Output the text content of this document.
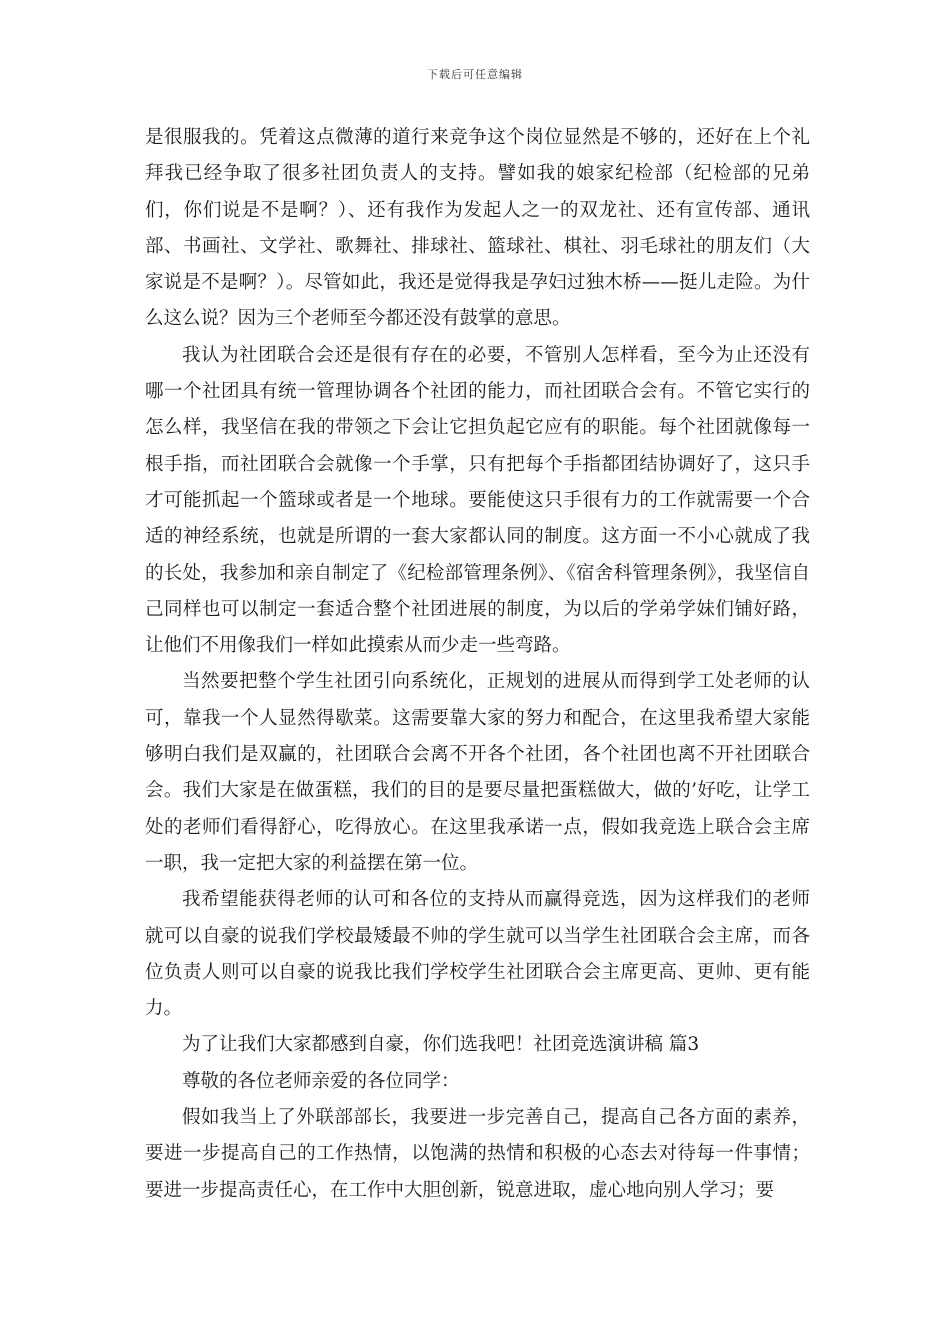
下载后可任意编辑

是很服我的。凭着这点微薄的道行来竞争这个岗位显然是不够的，还好在上个礼拜我已经争取了很多社团负责人的支持。譬如我的娘家纪检部（纪检部的兄弟们，你们说是不是啊？）、还有我作为发起人之一的双龙社、还有宣传部、通讯部、书画社、文学社、歌舞社、排球社、篮球社、棋社、羽毛球社的朋友们（大家说是不是啊？）。尽管如此，我还是觉得我是孕妇过独木桥——挺儿走险。为什么这么说？因为三个老师至今都还没有鼓掌的意思。

我认为社团联合会还是很有存在的必要，不管别人怎样看，至今为止还没有哪一个社团具有统一管理协调各个社团的能力，而社团联合会有。不管它实行的怎么样，我坚信在我的带领之下会让它担负起它应有的职能。每个社团就像每一根手指，而社团联合会就像一个手掌，只有把每个手指都团结协调好了，这只手才可能抓起一个篮球或者是一个地球。要能使这只手很有力的工作就需要一个合适的神经系统，也就是所谓的一套大家都认同的制度。这方面一不小心就成了我的长处，我参加和亲自制定了《纪检部管理条例》、《宿舍科管理条例》，我坚信自己同样也可以制定一套适合整个社团进展的制度，为以后的学弟学妹们铺好路，让他们不用像我们一样如此摸索从而少走一些弯路。

当然要把整个学生社团引向系统化，正规划的进展从而得到学工处老师的认可，靠我一个人显然得歇菜。这需要靠大家的努力和配合，在这里我希望大家能够明白我们是双赢的，社团联合会离不开各个社团，各个社团也离不开社团联合会。我们大家是在做蛋糕，我们的目的是要尽量把蛋糕做大，做的’好吃，让学工处的老师们看得舒心，吃得放心。在这里我承诺一点，假如我竞选上联合会主席一职，我一定把大家的利益摆在第一位。

我希望能获得老师的认可和各位的支持从而赢得竞选，因为这样我们的老师就可以自豪的说我们学校最矮最不帅的学生就可以当学生社团联合会主席，而各位负责人则可以自豪的说我比我们学校学生社团联合会主席更高、更帅、更有能力。

为了让我们大家都感到自豪，你们选我吧！社团竞选演讲稿 篇3

尊敬的各位老师亲爱的各位同学：

假如我当上了外联部部长，我要进一步完善自己，提高自己各方面的素养，要进一步提高自己的工作热情，以饱满的热情和积极的心态去对待每一件事情；要进一步提高责任心，在工作中大胆创新，锐意进取，虚心地向别人学习；要
